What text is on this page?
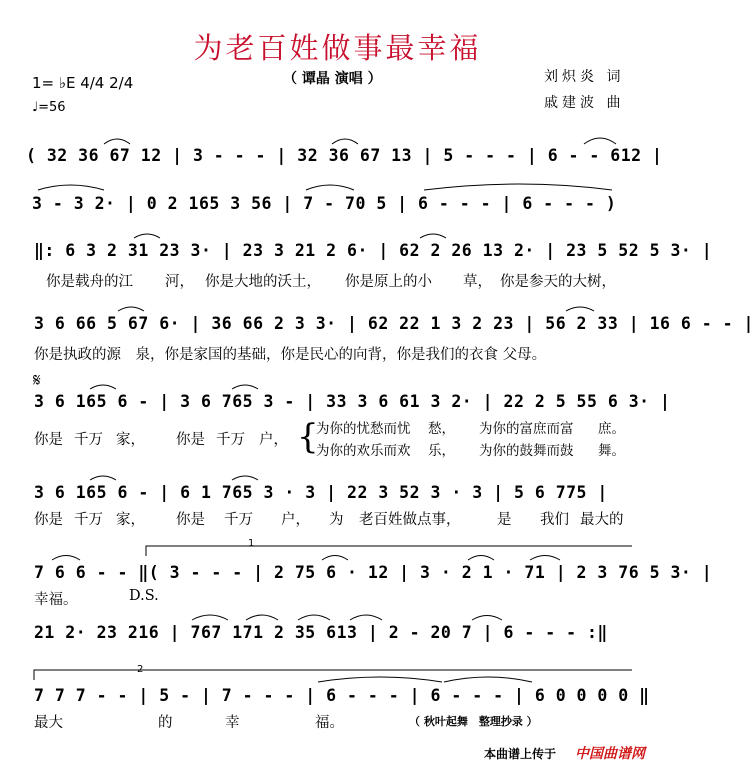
为老百姓做事最幸福
（ 谭晶 演唱 ）	刘炽炎 词
戚建波 曲
1= ♭E 4/4 2/4
♩=56
( 32 36 67 12 | 3 - - - | 32 36 67 13 | 5 - - - | 6 - - 612 |
3 - 3 2· | 0 2 165 3 56 | 7 - 70 5 | 6 - - - | 6 - - - )
‖: 6 3 2 31 23 3· | 23 3 21 2 6· | 62 2 26 13 2· | 23 5 52 5 3· |
3 6 66 5 67 6· | 36 66 2 3 3· | 62 22 1 3 2 23 | 56 2 33 | 16 6 - - |
3 6 165 6 - | 3 6 765 3 - | 33 3 6 61 3 2· | 22 2 5 55 6 3· |
3 6 165 6 - | 6 1 765 3 · 3 | 22 3 52 3 · 3 | 5 6 775 |
7 6 6 - - ‖( 3 - - - | 2 75 6 · 12 | 3 · 2 1 · 71 | 2 3 76 5 3· |
21 2· 23 216 | 767 171 2 35 613 | 2 - 20 7 | 6 - - - :‖
7 7 7 - - | 5 - | 7 - - - | 6 - - - | 6 - - - | 6 0 0 0 0 ‖
𝄋
你是载舟的江 河， 你是大地的沃土， 你是原上的小 草， 你是参天的大树，
你是执政的源　泉，你是家国的基础，你是民心的向背，你是我们的衣食 父母。
你是 千万 家， 你是 千万 户， {
为你的忧愁而忧 愁， 为你的富庶而富 庶。
为你的欢乐而欢 乐， 为你的鼓舞而鼓 舞。
你是 千万 家， 你是 千万 户， 为 老百姓做点事，	是 我们 最大的
幸福。	D.S.
最大	的	幸	福。
1
2
（ 秋叶起舞　整理抄录 ）
本曲谱上传于 中国曲谱网
